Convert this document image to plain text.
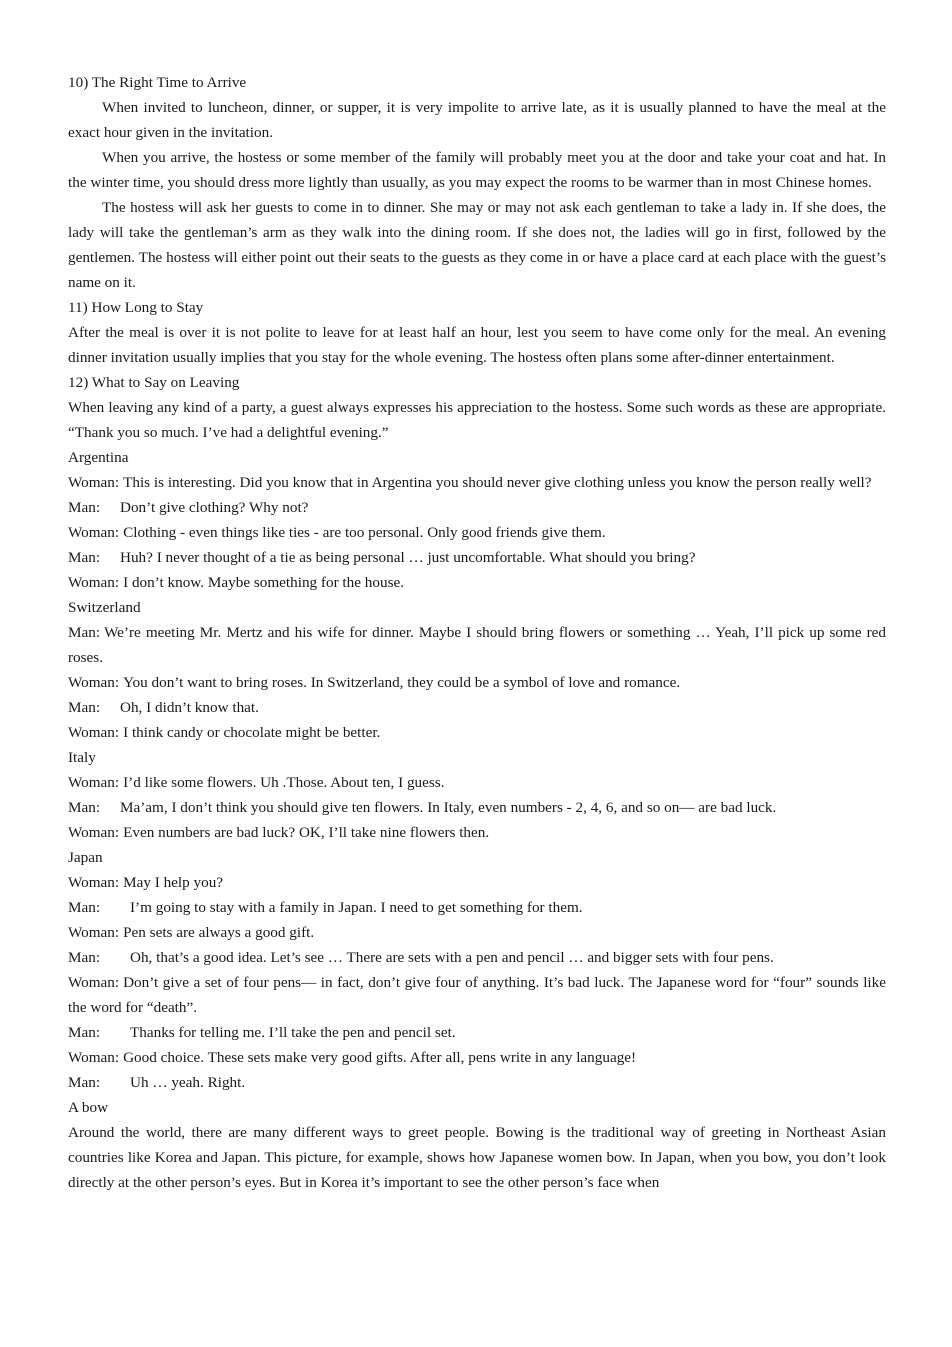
10) The Right Time to Arrive

When invited to luncheon, dinner, or supper, it is very impolite to arrive late, as it is usually planned to have the meal at the exact hour given in the invitation.

When you arrive, the hostess or some member of the family will probably meet you at the door and take your coat and hat. In the winter time, you should dress more lightly than usually, as you may expect the rooms to be warmer than in most Chinese homes.

The hostess will ask her guests to come in to dinner. She may or may not ask each gentleman to take a lady in. If she does, the lady will take the gentleman’s arm as they walk into the dining room. If she does not, the ladies will go in first, followed by the gentlemen. The hostess will either point out their seats to the guests as they come in or have a place card at each place with the guest’s name on it.

11) How Long to Stay

After the meal is over it is not polite to leave for at least half an hour, lest you seem to have come only for the meal. An evening dinner invitation usually implies that you stay for the whole evening. The hostess often plans some after-dinner entertainment.

12) What to Say on Leaving

When leaving any kind of a party, a guest always expresses his appreciation to the hostess. Some such words as these are appropriate. “Thank you so much. I’ve had a delightful evening.”

Argentina

Woman: This is interesting. Did you know that in Argentina you should never give clothing unless you know the person really well?

Man: Don’t give clothing? Why not?

Woman: Clothing - even things like ties - are too personal. Only good friends give them.

Man: Huh? I never thought of a tie as being personal … just uncomfortable. What should you bring?

Woman: I don’t know. Maybe something for the house.

Switzerland

Man: We’re meeting Mr. Mertz and his wife for dinner. Maybe I should bring flowers or something … Yeah, I’ll pick up some red roses.

Woman: You don’t want to bring roses. In Switzerland, they could be a symbol of love and romance.

Man: Oh, I didn’t know that.

Woman: I think candy or chocolate might be better.

Italy

Woman: I’d like some flowers. Uh .Those. About ten, I guess.

Man: Ma’am, I don’t think you should give ten flowers. In Italy, even numbers - 2, 4, 6, and so on— are bad luck.

Woman: Even numbers are bad luck? OK, I’ll take nine flowers then.

Japan

Woman: May I help you?

Man: I’m going to stay with a family in Japan. I need to get something for them.

Woman: Pen sets are always a good gift.

Man: Oh, that’s a good idea. Let’s see … There are sets with a pen and pencil … and bigger sets with four pens.

Woman: Don’t give a set of four pens— in fact, don’t give four of anything. It’s bad luck. The Japanese word for “four” sounds like the word for “death”.

Man: Thanks for telling me. I’ll take the pen and pencil set.

Woman: Good choice. These sets make very good gifts. After all, pens write in any language!

Man: Uh … yeah. Right.

A bow

Around the world, there are many different ways to greet people. Bowing is the traditional way of greeting in Northeast Asian countries like Korea and Japan. This picture, for example, shows how Japanese women bow. In Japan, when you bow, you don’t look directly at the other person’s eyes. But in Korea it’s important to see the other person’s face when
